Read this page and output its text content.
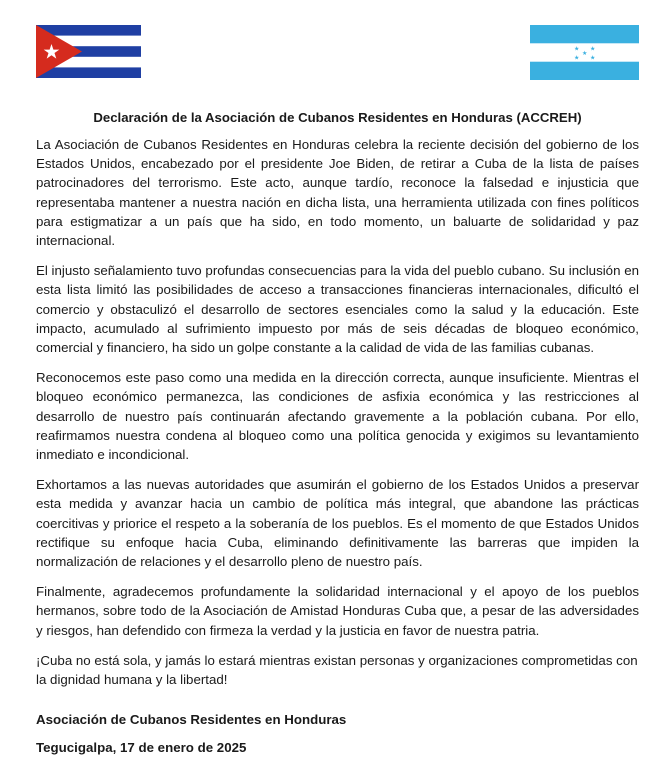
★ ★
★
★ ★
Declaración de la Asociación de Cubanos Residentes en Honduras (ACCREH)

La Asociación de Cubanos Residentes en Honduras celebra la reciente decisión del gobierno de los Estados Unidos, encabezado por el presidente Joe Biden, de retirar a Cuba de la lista de países patrocinadores del terrorismo. Este acto, aunque tardío, reconoce la falsedad e injusticia que representaba mantener a nuestra nación en dicha lista, una herramienta utilizada con fines políticos para estigmatizar a un país que ha sido, en todo momento, un baluarte de solidaridad y paz internacional.

El injusto señalamiento tuvo profundas consecuencias para la vida del pueblo cubano. Su inclusión en esta lista limitó las posibilidades de acceso a transacciones financieras internacionales, dificultó el comercio y obstaculizó el desarrollo de sectores esenciales como la salud y la educación. Este impacto, acumulado al sufrimiento impuesto por más de seis décadas de bloqueo económico, comercial y financiero, ha sido un golpe constante a la calidad de vida de las familias cubanas.

Reconocemos este paso como una medida en la dirección correcta, aunque insuficiente. Mientras el bloqueo económico permanezca, las condiciones de asfixia económica y las restricciones al desarrollo de nuestro país continuarán afectando gravemente a la población cubana. Por ello, reafirmamos nuestra condena al bloqueo como una política genocida y exigimos su levantamiento inmediato e incondicional.

Exhortamos a las nuevas autoridades que asumirán el gobierno de los Estados Unidos a preservar esta medida y avanzar hacia un cambio de política más integral, que abandone las prácticas coercitivas y priorice el respeto a la soberanía de los pueblos. Es el momento de que Estados Unidos rectifique su enfoque hacia Cuba, eliminando definitivamente las barreras que impiden la normalización de relaciones y el desarrollo pleno de nuestro país.

Finalmente, agradecemos profundamente la solidaridad internacional y el apoyo de los pueblos hermanos, sobre todo de la Asociación de Amistad Honduras Cuba que, a pesar de las adversidades y riesgos, han defendido con firmeza la verdad y la justicia en favor de nuestra patria.

¡Cuba no está sola, y jamás lo estará mientras existan personas y organizaciones comprometidas con la dignidad humana y la libertad!

Asociación de Cubanos Residentes en Honduras
Tegucigalpa, 17 de enero de 2025
